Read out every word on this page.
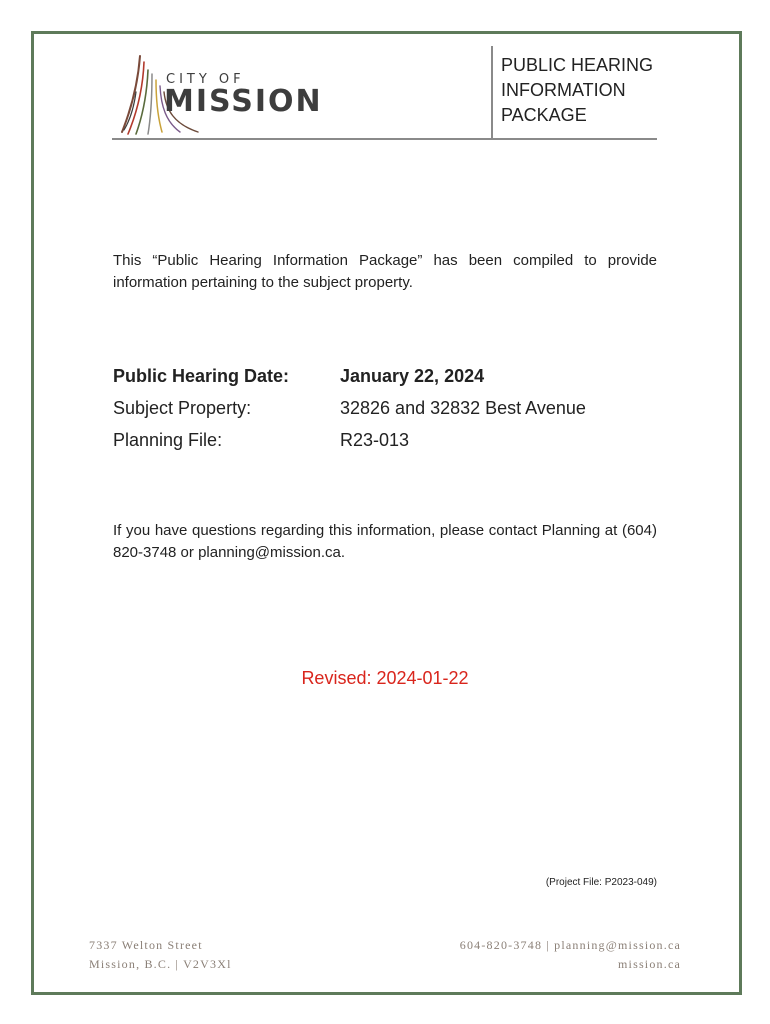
CITY OF
MISSION
PUBLIC HEARING
INFORMATION
PACKAGE
This “Public Hearing Information Package” has been compiled to provide information pertaining to the subject property.
Public Hearing Date:	January 22, 2024
Subject Property:	32826 and 32832 Best Avenue
Planning File:	R23-013
If you have questions regarding this information, please contact Planning at (604) 820-3748 or planning@mission.ca.
Revised: 2024-01-22
(Project File: P2023-049)
7337 Welton Street
Mission, B.C. | V2V3Xl
604-820-3748 | planning@mission.ca
mission.ca
